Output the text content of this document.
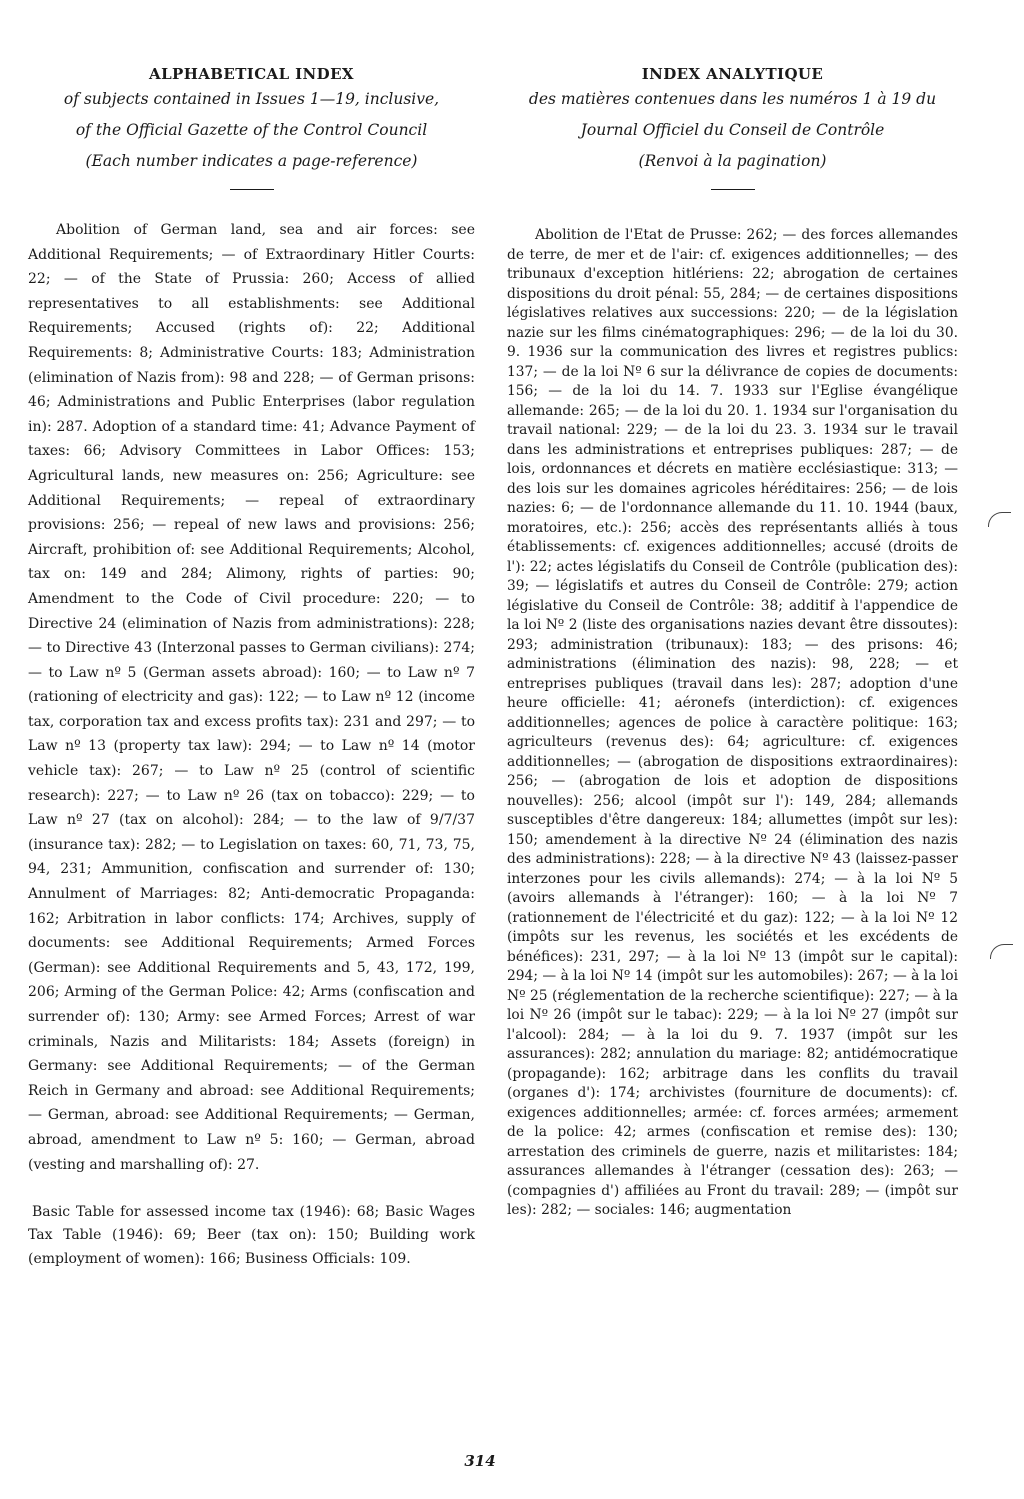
ALPHABETICAL INDEX
of subjects contained in Issues 1—19, inclusive,
of the Official Gazette of the Control Council
(Each number indicates a page-reference)

Abolition of German land, sea and air forces: see Additional Requirements; — of Extraordinary Hitler Courts: 22; — of the State of Prussia: 260; Access of allied representatives to all establishments: see Additional Requirements; Accused (rights of): 22; Additional Requirements: 8; Administrative Courts: 183; Administration (elimination of Nazis from): 98 and 228; — of German prisons: 46; Administrations and Public Enterprises (labor regulation in): 287. Adoption of a standard time: 41; Advance Payment of taxes: 66; Advisory Committees in Labor Offices: 153; Agricultural lands, new measures on: 256; Agriculture: see Additional Requirements; — repeal of extraordinary provisions: 256; — repeal of new laws and provisions: 256; Aircraft, prohibition of: see Additional Requirements; Alcohol, tax on: 149 and 284; Alimony, rights of parties: 90; Amendment to the Code of Civil procedure: 220; — to Directive 24 (elimination of Nazis from administrations): 228; — to Directive 43 (Interzonal passes to German civilians): 274; — to Law nº 5 (German assets abroad): 160; — to Law nº 7 (rationing of electricity and gas): 122; — to Law nº 12 (income tax, corporation tax and excess profits tax): 231 and 297; — to Law nº 13 (property tax law): 294; — to Law nº 14 (motor vehicle tax): 267; — to Law nº 25 (control of scientific research): 227; — to Law nº 26 (tax on tobacco): 229; — to Law nº 27 (tax on alcohol): 284; — to the law of 9/7/37 (insurance tax): 282; — to Legislation on taxes: 60, 71, 73, 75, 94, 231; Ammunition, confiscation and surrender of: 130; Annulment of Marriages: 82; Anti-democratic Propaganda: 162; Arbitration in labor conflicts: 174; Archives, supply of documents: see Additional Requirements; Armed Forces (German): see Additional Requirements and 5, 43, 172, 199, 206; Arming of the German Police: 42; Arms (confiscation and surrender of): 130; Army: see Armed Forces; Arrest of war criminals, Nazis and Militarists: 184; Assets (foreign) in Germany: see Additional Requirements; — of the German Reich in Germany and abroad: see Additional Requirements; — German, abroad: see Additional Requirements; — German, abroad, amendment to Law nº 5: 160; — German, abroad (vesting and marshalling of): 27.

Basic Table for assessed income tax (1946): 68; Basic Wages Tax Table (1946): 69; Beer (tax on): 150; Building work (employment of women): 166; Business Officials: 109.

INDEX ANALYTIQUE
des matières contenues dans les numéros 1 à 19 du
Journal Officiel du Conseil de Contrôle
(Renvoi à la pagination)

Abolition de l'Etat de Prusse: 262; — des forces allemandes de terre, de mer et de l'air: cf. exigences additionnelles; — des tribunaux d'exception hitlériens: 22; abrogation de certaines dispositions du droit pénal: 55, 284; — de certaines dispositions législatives relatives aux successions: 220; — de la législation nazie sur les films cinématographiques: 296; — de la loi du 30. 9. 1936 sur la communication des livres et registres publics: 137; — de la loi Nº 6 sur la délivrance de copies de documents: 156; — de la loi du 14. 7. 1933 sur l'Eglise évangélique allemande: 265; — de la loi du 20. 1. 1934 sur l'organisation du travail national: 229; — de la loi du 23. 3. 1934 sur le travail dans les administrations et entreprises publiques: 287; — de lois, ordonnances et décrets en matière ecclésiastique: 313; — des lois sur les domaines agricoles héréditaires: 256; — de lois nazies: 6; — de l'ordonnance allemande du 11. 10. 1944 (baux, moratoires, etc.): 256; accès des représentants alliés à tous établissements: cf. exigences additionnelles; accusé (droits de l'): 22; actes législatifs du Conseil de Contrôle (publication des): 39; — législatifs et autres du Conseil de Contrôle: 279; action législative du Conseil de Contrôle: 38; additif à l'appendice de la loi Nº 2 (liste des organisations nazies devant être dissoutes): 293; administration (tribunaux): 183; — des prisons: 46; administrations (élimination des nazis): 98, 228; — et entreprises publiques (travail dans les): 287; adoption d'une heure officielle: 41; aéronefs (interdiction): cf. exigences additionnelles; agences de police à caractère politique: 163; agriculteurs (revenus des): 64; agriculture: cf. exigences additionnelles; — (abrogation de dispositions extraordinaires): 256; — (abrogation de lois et adoption de dispositions nouvelles): 256; alcool (impôt sur l'): 149, 284; allemands susceptibles d'être dangereux: 184; allumettes (impôt sur les): 150; amendement à la directive Nº 24 (élimination des nazis des administrations): 228; — à la directive Nº 43 (laissez-passer interzones pour les civils allemands): 274; — à la loi Nº 5 (avoirs allemands à l'étranger): 160; — à la loi Nº 7 (rationnement de l'électricité et du gaz): 122; — à la loi Nº 12 (impôts sur les revenus, les sociétés et les excédents de bénéfices): 231, 297; — à la loi Nº 13 (impôt sur le capital): 294; — à la loi Nº 14 (impôt sur les automobiles): 267; — à la loi Nº 25 (réglementation de la recherche scientifique): 227; — à la loi Nº 26 (impôt sur le tabac): 229; — à la loi Nº 27 (impôt sur l'alcool): 284; — à la loi du 9. 7. 1937 (impôt sur les assurances): 282; annulation du mariage: 82; antidémocratique (propagande): 162; arbitrage dans les conflits du travail (organes d'): 174; archivistes (fourniture de documents): cf. exigences additionnelles; armée: cf. forces armées; armement de la police: 42; armes (confiscation et remise des): 130; arrestation des criminels de guerre, nazis et militaristes: 184; assurances allemandes à l'étranger (cessation des): 263; — (compagnies d') affiliées au Front du travail: 289; — (impôt sur les): 282; — sociales: 146; augmentation

314
